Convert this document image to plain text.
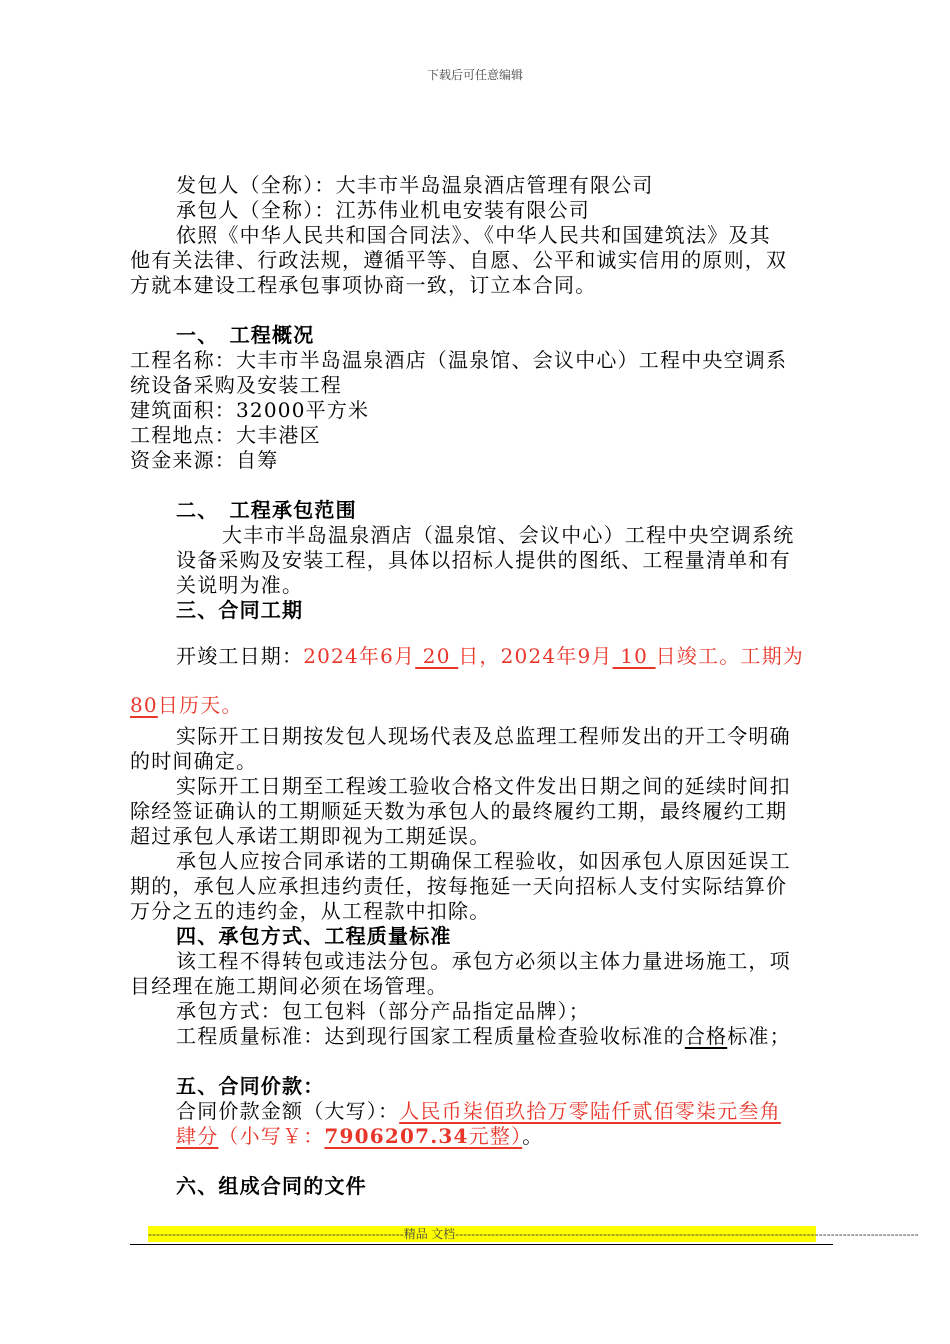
下载后可任意编辑
发包人（全称）：大丰市半岛温泉酒店管理有限公司
承包人（全称）：江苏伟业机电安装有限公司
依照《中华人民共和国合同法》、《中华人民共和国建筑法》及其
他有关法律、行政法规，遵循平等、自愿、公平和诚实信用的原则，双
方就本建设工程承包事项协商一致，订立本合同。
一、　工程概况
工程名称：大丰市半岛温泉酒店（温泉馆、会议中心）工程中央空调系
统设备采购及安装工程
建筑面积：32000平方米
工程地点：大丰港区
资金来源：自筹
二、　工程承包范围
大丰市半岛温泉酒店（温泉馆、会议中心）工程中央空调系统
设备采购及安装工程，具体以招标人提供的图纸、工程量清单和有
关说明为准。
三、合同工期
开竣工日期：2024年6月 20 日，2024年9月 10 日竣工。工期为
80日历天。
实际开工日期按发包人现场代表及总监理工程师发出的开工令明确
的时间确定。
实际开工日期至工程竣工验收合格文件发出日期之间的延续时间扣
除经签证确认的工期顺延天数为承包人的最终履约工期，最终履约工期
超过承包人承诺工期即视为工期延误。
承包人应按合同承诺的工期确保工程验收，如因承包人原因延误工
期的，承包人应承担违约责任，按每拖延一天向招标人支付实际结算价
万分之五的违约金，从工程款中扣除。
四、承包方式、工程质量标准
该工程不得转包或违法分包。承包方必须以主体力量进场施工，项
目经理在施工期间必须在场管理。
承包方式：包工包料（部分产品指定品牌）；
工程质量标准：达到现行国家工程质量检查验收标准的合格标准；
五、合同价款：
合同价款金额（大写）：人民币柒佰玖拾万零陆仟贰佰零柒元叁角
肆分（小写￥：7906207.34元整）。
六、组成合同的文件
----------------------------------------------------------------精品 文档--------------------------------------------------------------------------------------------------------------------
